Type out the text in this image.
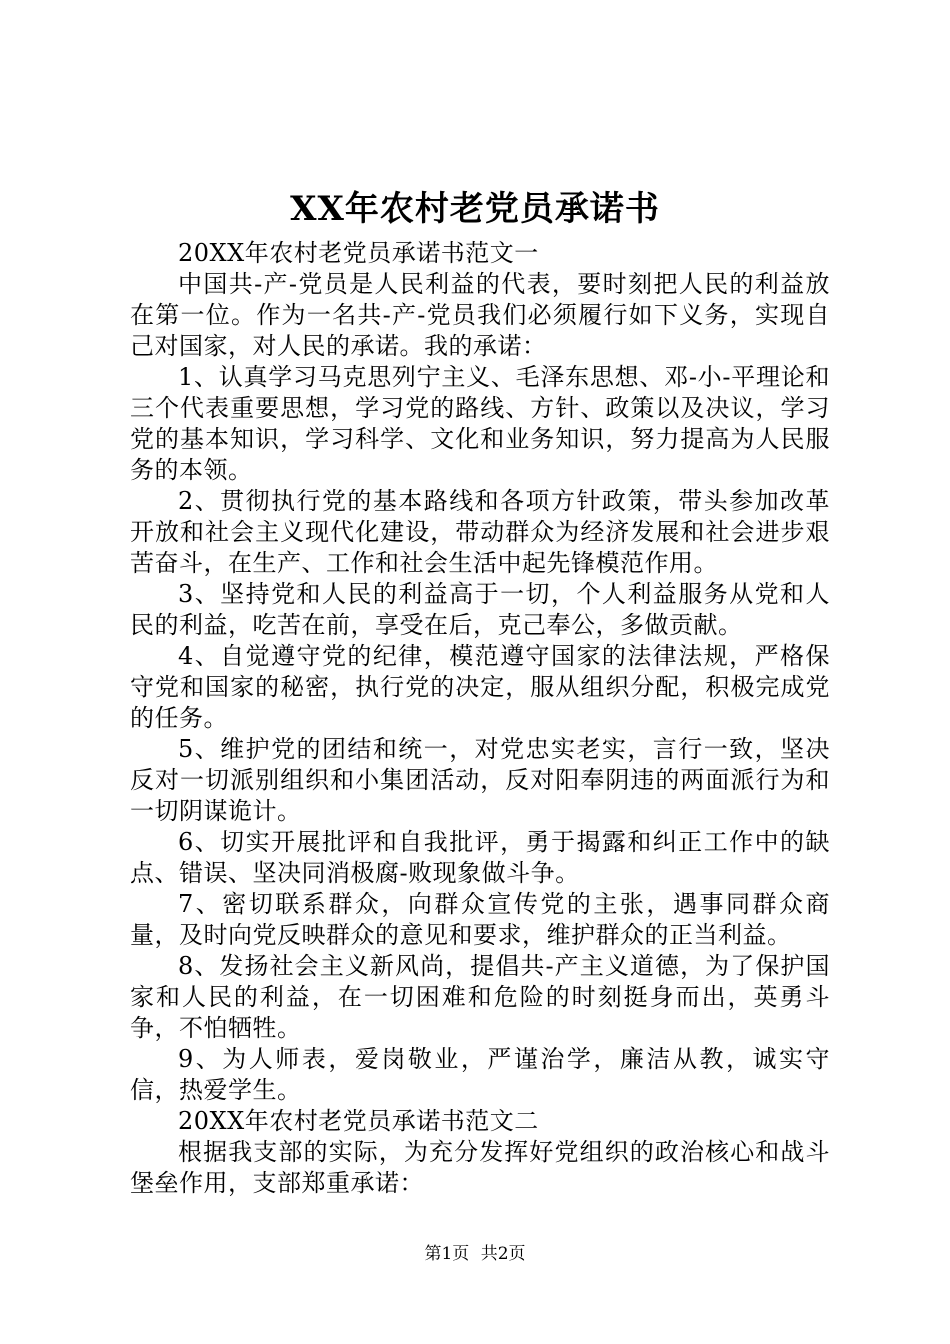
XX年农村老党员承诺书

20XX年农村老党员承诺书范文一

中国共-产-党员是人民利益的代表，要时刻把人民的利益放在第一位。作为一名共-产-党员我们必须履行如下义务，实现自己对国家，对人民的承诺。我的承诺：

1、认真学习马克思列宁主义、毛泽东思想、邓-小-平理论和三个代表重要思想，学习党的路线、方针、政策以及决议，学习党的基本知识，学习科学、文化和业务知识，努力提高为人民服务的本领。

2、贯彻执行党的基本路线和各项方针政策，带头参加改革开放和社会主义现代化建设，带动群众为经济发展和社会进步艰苦奋斗，在生产、工作和社会生活中起先锋模范作用。

3、坚持党和人民的利益高于一切，个人利益服务从党和人民的利益，吃苦在前，享受在后，克己奉公，多做贡献。

4、自觉遵守党的纪律，模范遵守国家的法律法规，严格保守党和国家的秘密，执行党的决定，服从组织分配，积极完成党的任务。

5、维护党的团结和统一，对党忠实老实，言行一致，坚决反对一切派别组织和小集团活动，反对阳奉阴违的两面派行为和一切阴谋诡计。

6、切实开展批评和自我批评，勇于揭露和纠正工作中的缺点、错误、坚决同消极腐-败现象做斗争。

7、密切联系群众，向群众宣传党的主张，遇事同群众商量，及时向党反映群众的意见和要求，维护群众的正当利益。

8、发扬社会主义新风尚，提倡共-产主义道德，为了保护国家和人民的利益，在一切困难和危险的时刻挺身而出，英勇斗争，不怕牺牲。

9、为人师表，爱岗敬业，严谨治学，廉洁从教，诚实守信，热爱学生。

20XX年农村老党员承诺书范文二

根据我支部的实际，为充分发挥好党组织的政治核心和战斗堡垒作用，支部郑重承诺：

第1页 共2页
